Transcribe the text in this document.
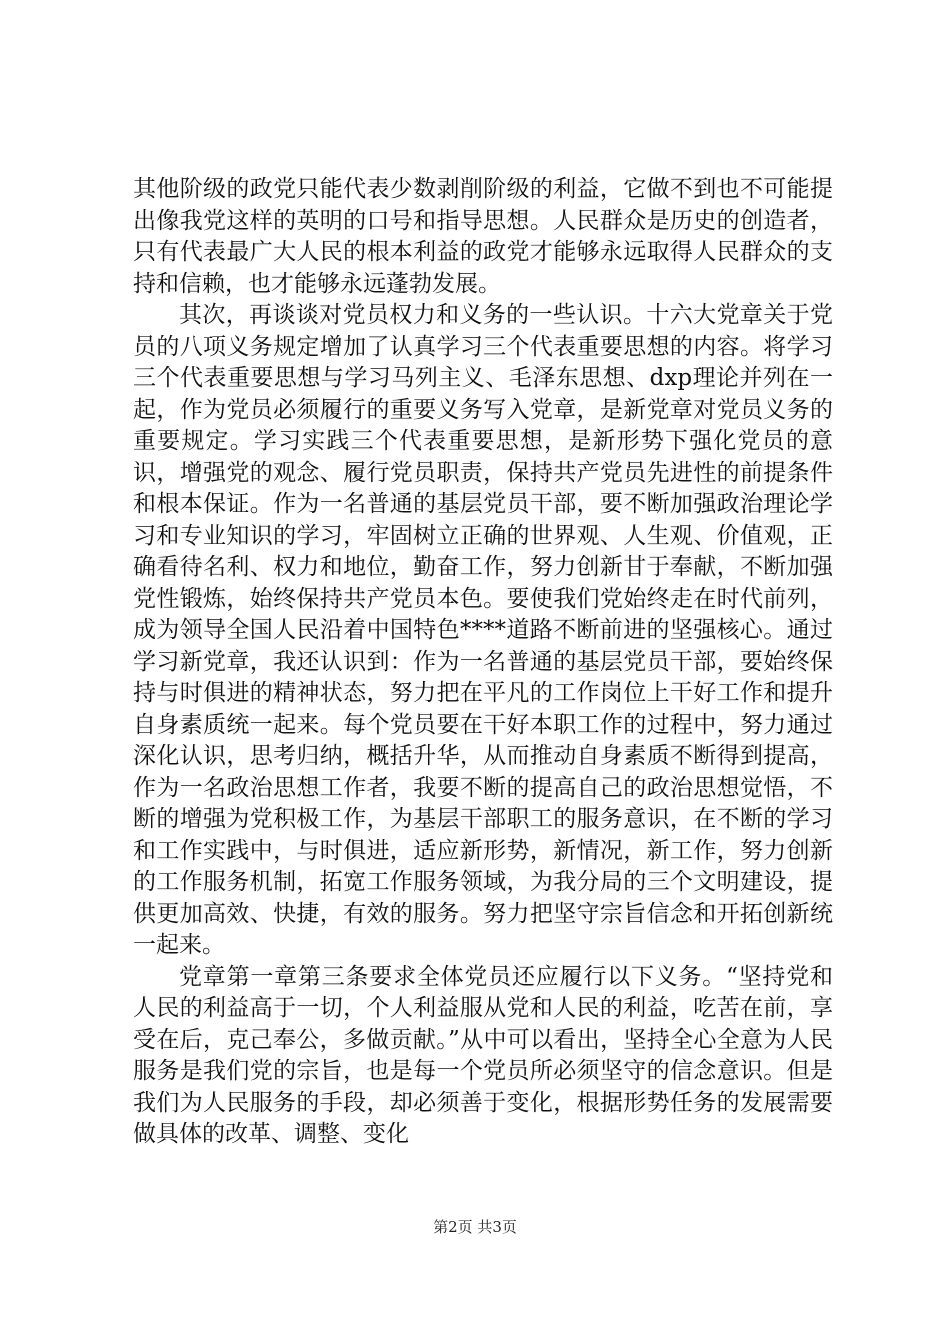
其他阶级的政党只能代表少数剥削阶级的利益，它做不到也不可能提出像我党这样的英明的口号和指导思想。人民群众是历史的创造者，只有代表最广大人民的根本利益的政党才能够永远取得人民群众的支持和信赖，也才能够永远蓬勃发展。

其次，再谈谈对党员权力和义务的一些认识。十六大党章关于党员的八项义务规定增加了认真学习三个代表重要思想的内容。将学习三个代表重要思想与学习马列主义、毛泽东思想、dxp理论并列在一起，作为党员必须履行的重要义务写入党章，是新党章对党员义务的重要规定。学习实践三个代表重要思想，是新形势下强化党员的意识，增强党的观念、履行党员职责，保持共产党员先进性的前提条件和根本保证。作为一名普通的基层党员干部，要不断加强政治理论学习和专业知识的学习，牢固树立正确的世界观、人生观、价值观，正确看待名利、权力和地位，勤奋工作，努力创新甘于奉献，不断加强党性锻炼，始终保持共产党员本色。要使我们党始终走在时代前列，成为领导全国人民沿着中国特色****道路不断前进的坚强核心。通过学习新党章，我还认识到：作为一名普通的基层党员干部，要始终保持与时俱进的精神状态，努力把在平凡的工作岗位上干好工作和提升自身素质统一起来。每个党员要在干好本职工作的过程中，努力通过深化认识，思考归纳，概括升华，从而推动自身素质不断得到提高，作为一名政治思想工作者，我要不断的提高自己的政治思想觉悟，不断的增强为党积极工作，为基层干部职工的服务意识，在不断的学习和工作实践中，与时俱进，适应新形势，新情况，新工作，努力创新的工作服务机制，拓宽工作服务领域，为我分局的三个文明建设，提供更加高效、快捷，有效的服务。努力把坚守宗旨信念和开拓创新统一起来。

党章第一章第三条要求全体党员还应履行以下义务。“坚持党和人民的利益高于一切，个人利益服从党和人民的利益，吃苦在前，享受在后，克己奉公，多做贡献。”从中可以看出，坚持全心全意为人民服务是我们党的宗旨，也是每一个党员所必须坚守的信念意识。但是我们为人民服务的手段，却必须善于变化，根据形势任务的发展需要做具体的改革、调整、变化

第2页 共3页
